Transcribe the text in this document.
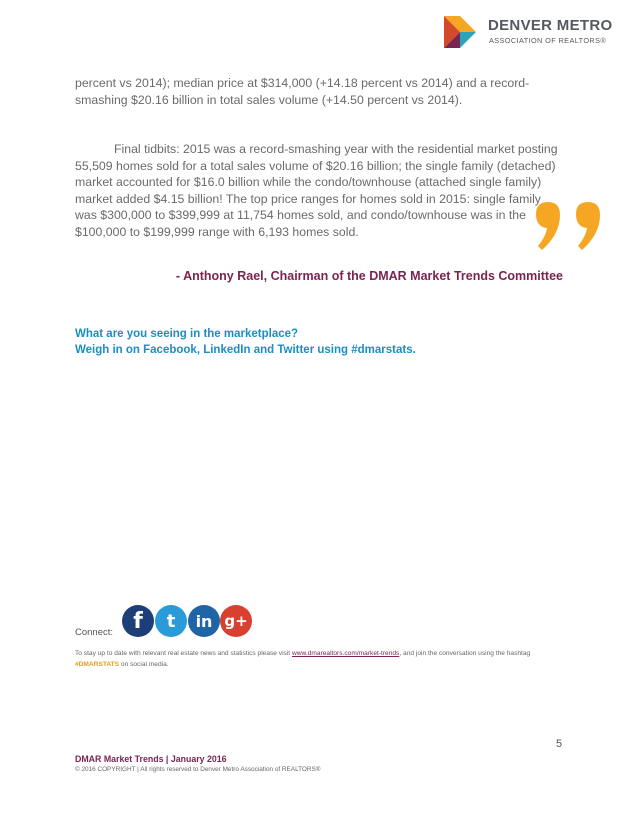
DENVER METRO
ASSOCIATION OF REALTORS®

percent vs 2014); median price at $314,000 (+14.18 percent vs 2014) and a record-smashing $20.16 billion in total sales volume (+14.50 percent vs 2014).

Final tidbits: 2015 was a record-smashing year with the residential market posting 55,509 homes sold for a total sales volume of $20.16 billion; the single family (detached) market accounted for $16.0 billion while the condo/townhouse (attached single family) market added $4.15 billion! The top price ranges for homes sold in 2015: single family was $300,000 to $399,999 at 11,754 homes sold, and condo/townhouse was in the $100,000 to $199,999 range with 6,193 homes sold.

- Anthony Rael, Chairman of the DMAR Market Trends Committee
What are you seeing in the marketplace?
Weigh in on Facebook, LinkedIn and Twitter using #dmarstats.
Connect: f	t	in g+
To stay up to date with relevant real estate news and statistics please visit www.dmarealtors.com/market-trends, and join the conversation using the hashtag #DMARSTATS on social media.
5
DMAR Market Trends | January 2016
© 2016 COPYRIGHT | All rights reserved to Denver Metro Association of REALTORS®
